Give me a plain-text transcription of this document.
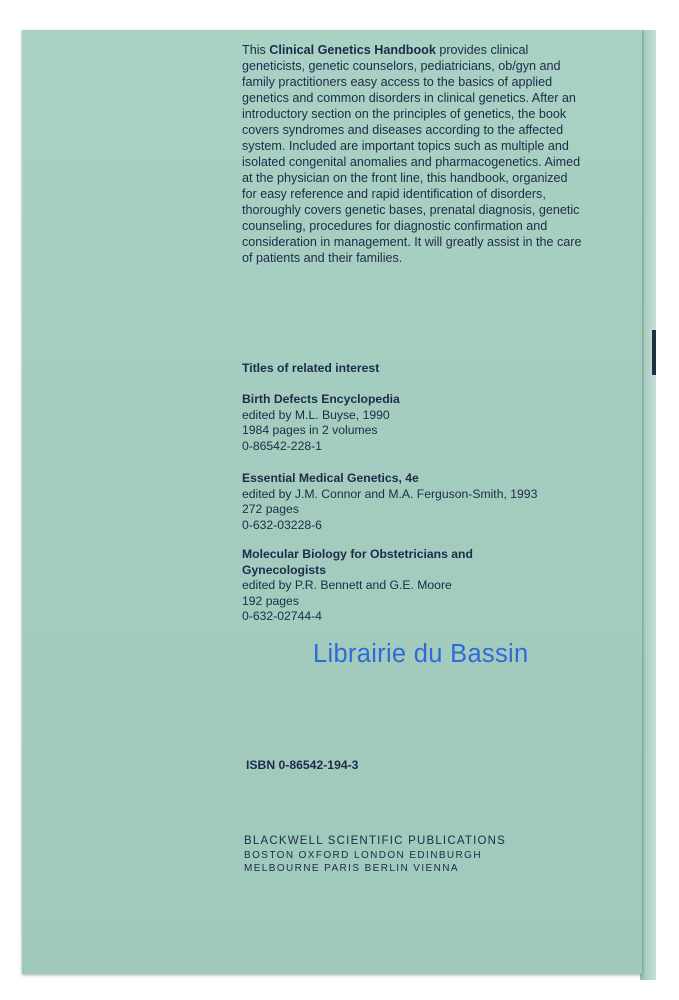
This Clinical Genetics Handbook provides clinical geneticists, genetic counselors, pediatricians, ob/gyn and family practitioners easy access to the basics of applied genetics and common disorders in clinical genetics. After an introductory section on the principles of genetics, the book covers syndromes and diseases according to the affected system. Included are important topics such as multiple and isolated congenital anomalies and pharmacogenetics. Aimed at the physician on the front line, this handbook, organized for easy reference and rapid identification of disorders, thoroughly covers genetic bases, prenatal diagnosis, genetic counseling, procedures for diagnostic confirmation and consideration in management. It will greatly assist in the care of patients and their families.
Titles of related interest
Birth Defects Encyclopedia
edited by M.L. Buyse, 1990
1984 pages in 2 volumes
0-86542-228-1
Essential Medical Genetics, 4e
edited by J.M. Connor and M.A. Ferguson-Smith, 1993
272 pages
0-632-03228-6
Molecular Biology for Obstetricians and Gynecologists
edited by P.R. Bennett and G.E. Moore
192 pages
0-632-02744-4
ISBN 0-86542-194-3
BLACKWELL SCIENTIFIC PUBLICATIONS
BOSTON OXFORD LONDON EDINBURGH
MELBOURNE PARIS BERLIN VIENNA
Librairie du Bassin
